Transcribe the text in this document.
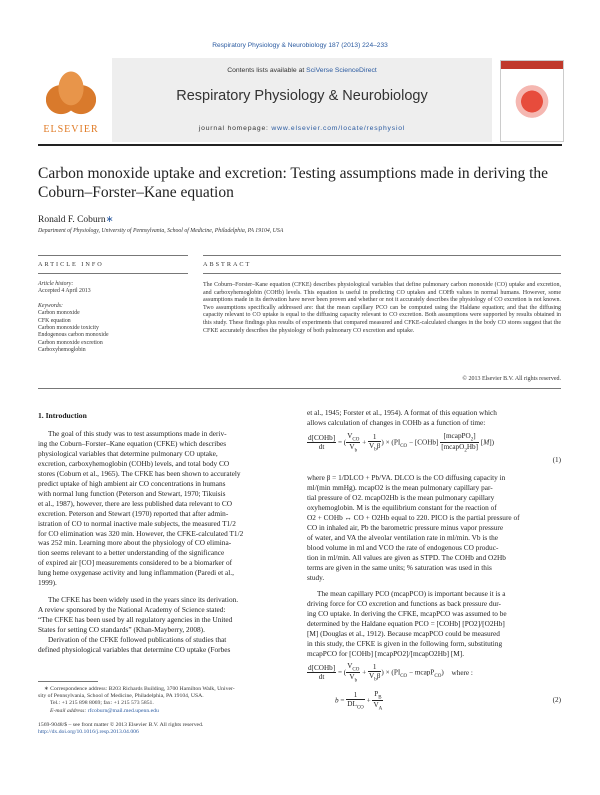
Respiratory Physiology & Neurobiology 187 (2013) 224–233
ELSEVIER
Contents lists available at SciVerse ScienceDirect
Respiratory Physiology & Neurobiology
journal homepage: www.elsevier.com/locate/resphysiol
Carbon monoxide uptake and excretion: Testing assumptions made in deriving the Coburn–Forster–Kane equation
Ronald F. Coburn∗
Department of Physiology, University of Pennsylvania, School of Medicine, Philadelphia, PA 19104, USA
ARTICLE INFO	ABSTRACT
Article history:
Accepted 4 April 2013
Keywords:
Carbon monoxide
CFK equation
Carbon monoxide toxicity
Endogenous carbon monoxide
Carbon monoxide excretion
Carboxyhemoglobin
The Coburn–Forster–Kane equation (CFKE) describes physiological variables that define pulmonary carbon monoxide (CO) uptake and excretion, and carboxyhemoglobin (COHb) levels. This equation is useful in predicting CO uptakes and COHb values in normal humans. However, some assumptions made in its derivation have never been proven and whether or not it accurately describes the physiology of CO excretion is not known. Two assumptions specifically addressed are: that the mean capillary PCO can be computed using the Haldane equation; and that the diffusing capacity relevant to CO uptake is equal to the diffusing capacity relevant to CO excretion. Both assumptions were supported by results obtained in this study. These findings plus results of experiments that compared measured and CFKE-calculated changes in the body CO stores suggest that the CFKE accurately describes the physiology of both pulmonary CO excretion and uptake.
© 2013 Elsevier B.V. All rights reserved.
1. Introduction
The goal of this study was to test assumptions made in deriv-
ing the Coburn–Forster–Kane equation (CFKE) which describes
physiological variables that determine pulmonary CO uptake,
excretion, carboxyhemoglobin (COHb) levels, and total body CO
stores (Coburn et al., 1965). The CFKE has been shown to accurately
predict uptake of high ambient air CO concentrations in humans
with normal lung function (Peterson and Stewart, 1970; Tikuisis
et al., 1987), however, there are less published data relevant to CO
excretion. Peterson and Stewart (1970) reported that after admin-
istration of CO to normal inactive male subjects, the measured T1/2
for CO elimination was 320 min. However, the CFKE-calculated T1/2
was 252 min. Learning more about the physiology of CO elimina-
tion seems relevant to a better understanding of the significance
of expired air [CO] measurements considered to be a biomarker of
lung heme oxygenase activity and lung inflammation (Paredi et al.,
1999).
The CFKE has been widely used in the years since its derivation.
A review sponsored by the National Academy of Science stated:
“The CFKE has been used by all regulatory agencies in the United
States for setting CO standards” (Khan-Mayberry, 2008).
Derivation of the CFKE followed publications of studies that
defined physiological variables that determine CO uptake (Forbes
∗ Correspondence address: B203 Richards Building, 3700 Hamilton Walk, Univer-
sity of Pennsylvania, School of Medicine, Philadelphia, PA 19104, USA.
Tel.: +1 215 898 8069; fax: +1 215 573 5851.
E-mail address: rfcoburn@mail.med.upenn.edu
1569-9048/$ – see front matter © 2013 Elsevier B.V. All rights reserved.
http://dx.doi.org/10.1016/j.resp.2013.04.006
et al., 1945; Forster et al., 1954). A format of this equation which
allows calculation of changes in COHb as a function of time:
$\frac{\text{d[COHb]}}{dt}$ = ( $\frac{V_{CO}}{V_b} + \frac{1}{V_b\beta}$ ) × ($PI_{CO}$ − [COHb] $\frac{[mcapPO_2]}{[mcapO_2Hb]} [M]$)
(1)
where β = 1/DLCO + Pb/VA. DLCO is the CO diffusing capacity in
ml/(min mmHg). mcapO2 is the mean pulmonary capillary par-
tial pressure of O2. mcapO2Hb is the mean pulmonary capillary
oxyhemoglobin. M is the equilibrium constant for the reaction of
O2 + COHb ↔ CO + O2Hb equal to 220. PICO is the partial pressure of
CO in inhaled air, Pb the barometric pressure minus vapor pressure
of water, and VA the alveolar ventilation rate in ml/min. Vb is the
blood volume in ml and VCO the rate of endogenous CO produc-
tion in ml/min. All values are given as STPD. The COHb and O2Hb
terms are given in the same units; % saturation was used in this
study.
The mean capillary PCO (mcapPCO) is important because it is a
driving force for CO excretion and functions as back pressure dur-
ing CO uptake. In deriving the CFKE, mcapPCO was assumed to be
determined by the Haldane equation PCO = [COHb] [PO2]/[O2Hb]
[M] (Douglas et al., 1912). Because mcapPCO could be measured
in this study, the CFKE is given in the following form, substituting
mcapPCO for [COHb] [mcapPO2]/[mcapO2Hb] [M].
$\frac{\text{d[COHb]}}{dt}$ = ( $\frac{V_{CO}}{V_b} + \frac{1}{V_b\beta}$ ) × ($PI_{CO}$ − mcapP$_{CO}$) where :
$b = \frac{1}{DL_{CO}} + \frac{P_B}{V_A}$	(2)
